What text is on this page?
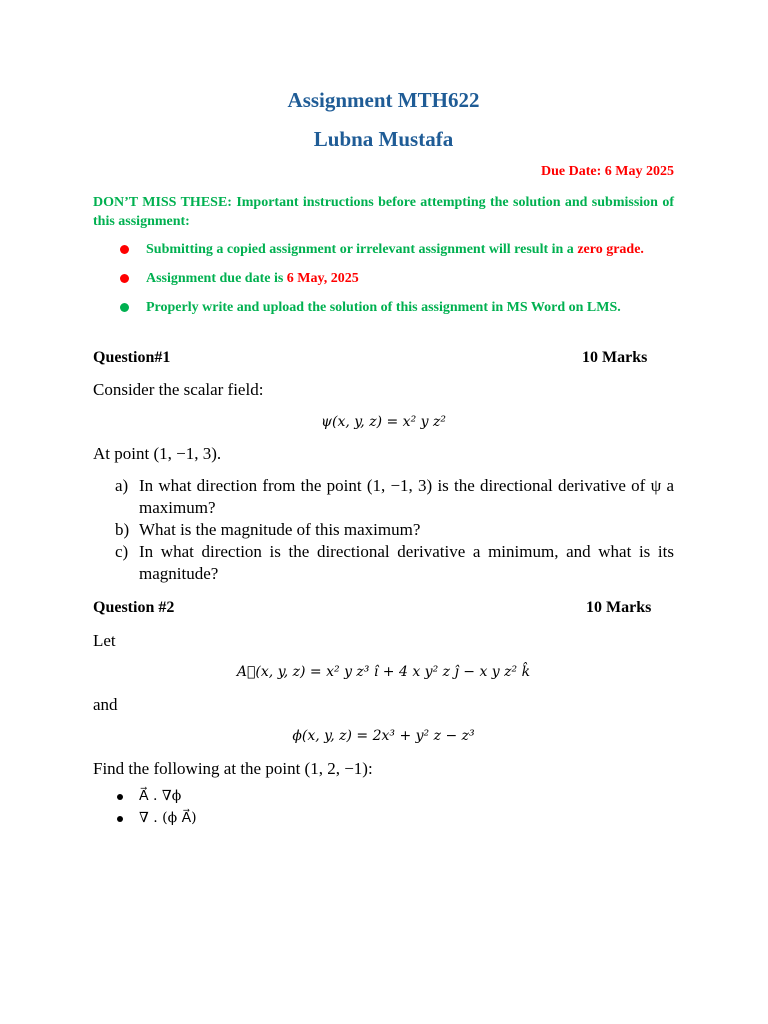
Assignment MTH622
Lubna Mustafa

Due Date: 6 May 2025

DON’T MISS THESE: Important instructions before attempting the solution and submission of this assignment:

Submitting a copied assignment or irrelevant assignment will result in a zero grade.
Assignment due date is 6 May, 2025
Properly write and upload the solution of this assignment in MS Word on LMS.
Question#1	10 Marks

Consider the scalar field:

ψ(x, y, z) = x² y z²

At point (1, −1, 3).

a) In what direction from the point (1, −1, 3) is the directional derivative of ψ a maximum?
b) What is the magnitude of this maximum?
c) In what direction is the directional derivative a minimum, and what is its magnitude?
Question #2	10 Marks

Let

A⃗(x, y, z) = x² y z³ î + 4 x y² z ĵ − x y z² k̂

and

ϕ(x, y, z) = 2x³ + y² z − z³

Find the following at the point (1, 2, −1):

A⃗ . ∇ϕ
∇ . (ϕ A⃗)
